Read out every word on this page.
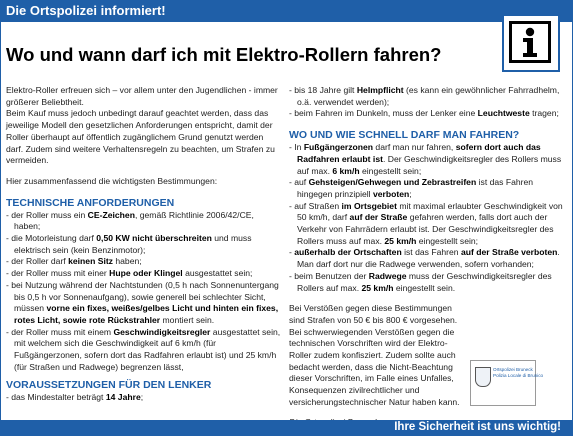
Die Ortspolizei informiert!
Wo und wann darf ich mit Elektro-Rollern fahren?

Elektro-Roller erfreuen sich – vor allem unter den Jugendlichen - immer größerer Beliebtheit.

Beim Kauf muss jedoch unbedingt darauf geachtet werden, dass das jeweilige Modell den gesetzlichen Anforderungen entspricht, damit der Roller überhaupt auf öffentlich zugänglichem Grund genutzt werden darf. Zudem sind weitere Verhaltensregeln zu beachten, um Strafen zu vermeiden.

Hier zusammenfassend die wichtigsten Bestimmungen:

TECHNISCHE ANFORDERUNGEN

- der Roller muss ein CE-Zeichen, gemäß Richtlinie 2006/42/CE, haben;
- die Motorleistung darf 0,50 KW nicht überschreiten und muss elektrisch sein (kein Benzinmotor);
- der Roller darf keinen Sitz haben;
- der Roller muss mit einer Hupe oder Klingel ausgestattet sein;
- bei Nutzung während der Nachtstunden (0,5 h nach Sonnenuntergang bis 0,5 h vor Sonnenaufgang), sowie generell bei schlechter Sicht, müssen vorne ein fixes, weißes/gelbes Licht und hinten ein fixes, rotes Licht, sowie rote Rückstrahler montiert sein.
- der Roller muss mit einem Geschwindigkeitsregler ausgestattet sein, mit welchem sich die Geschwindigkeit auf 6 km/h (für Fußgängerzonen, sofern dort das Radfahren erlaubt ist) und 25 km/h (für Straßen und Radwege) begrenzen lässt,

VORAUSSETZUNGEN FÜR DEN LENKER

- das Mindestalter beträgt 14 Jahre;
- bis 18 Jahre gilt Helmpflicht (es kann ein gewöhnlicher Fahrradhelm, o.ä. verwendet werden);
- beim Fahren im Dunkeln, muss der Lenker eine Leuchtweste tragen;

WO UND WIE SCHNELL DARF MAN FAHREN?

- In Fußgängerzonen darf man nur fahren, sofern dort auch das Radfahren erlaubt ist. Der Geschwindigkeitsregler des Rollers muss auf max. 6 km/h eingestellt sein;
- auf Gehsteigen/Gehwegen und Zebrastreifen ist das Fahren hingegen prinzipiell verboten;
- auf Straßen im Ortsgebiet mit maximal erlaubter Geschwindigkeit von 50 km/h, darf auf der Straße gefahren werden, falls dort auch der Verkehr von Fahrrädern erlaubt ist. Der Geschwindigkeitsregler des Rollers muss auf max. 25 km/h eingestellt sein;
- außerhalb der Ortschaften ist das Fahren auf der Straße verboten. Man darf dort nur die Radwege verwenden, sofern vorhanden;
- beim Benutzen der Radwege muss der Geschwindigkeitsregler des Rollers auf max. 25 km/h eingestellt sein.

Bei Verstößen gegen diese Bestimmungen sind Strafen von 50 € bis 800 € vorgesehen. Bei schwerwiegenden Verstößen gegen die technischen Vorschriften wird der Elektro-Roller zudem konfisziert. Zudem sollte auch bedacht werden, dass die Nicht-Beachtung dieser Vorschriften, im Falle eines Unfalles, Konsequenzen zivilrechtlicher und versicherungstechnischer Natur haben kann.

Ortspolizei Bruneck
Polizia Locale di Brunico
Ihre Sicherheit ist uns wichtig!
